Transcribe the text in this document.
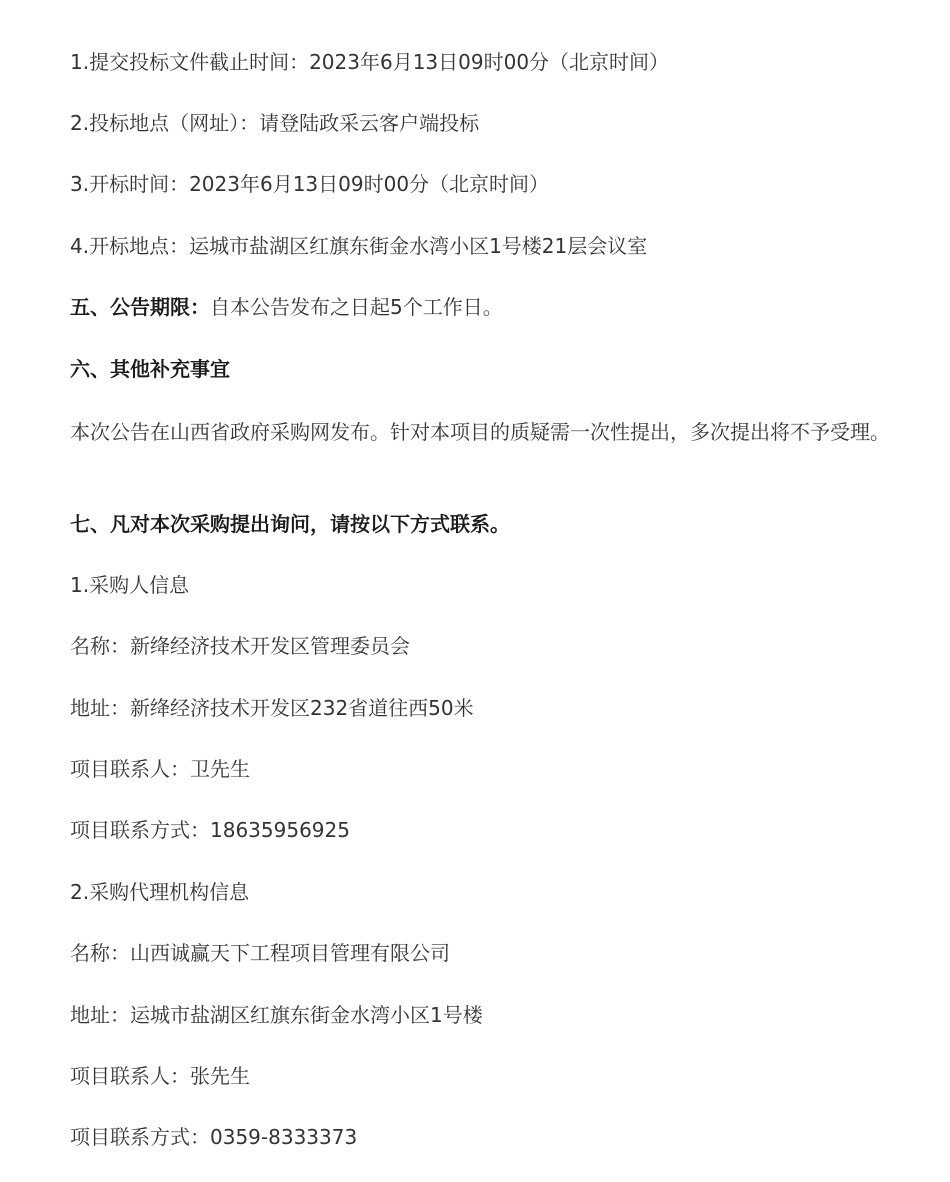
1.提交投标文件截止时间：2023年6月13日09时00分（北京时间）

2.投标地点（网址）：请登陆政采云客户端投标

3.开标时间：2023年6月13日09时00分（北京时间）

4.开标地点：运城市盐湖区红旗东街金水湾小区1号楼21层会议室

五、公告期限：自本公告发布之日起5个工作日。

六、其他补充事宜

本次公告在山西省政府采购网发布。针对本项目的质疑需一次性提出，多次提出将不予受理。

七、凡对本次采购提出询问，请按以下方式联系。

1.采购人信息

名称：新绛经济技术开发区管理委员会

地址：新绛经济技术开发区232省道往西50米

项目联系人：卫先生

项目联系方式：18635956925

2.采购代理机构信息

名称：山西诚赢天下工程项目管理有限公司

地址：运城市盐湖区红旗东街金水湾小区1号楼

项目联系人：张先生

项目联系方式：0359-8333373
